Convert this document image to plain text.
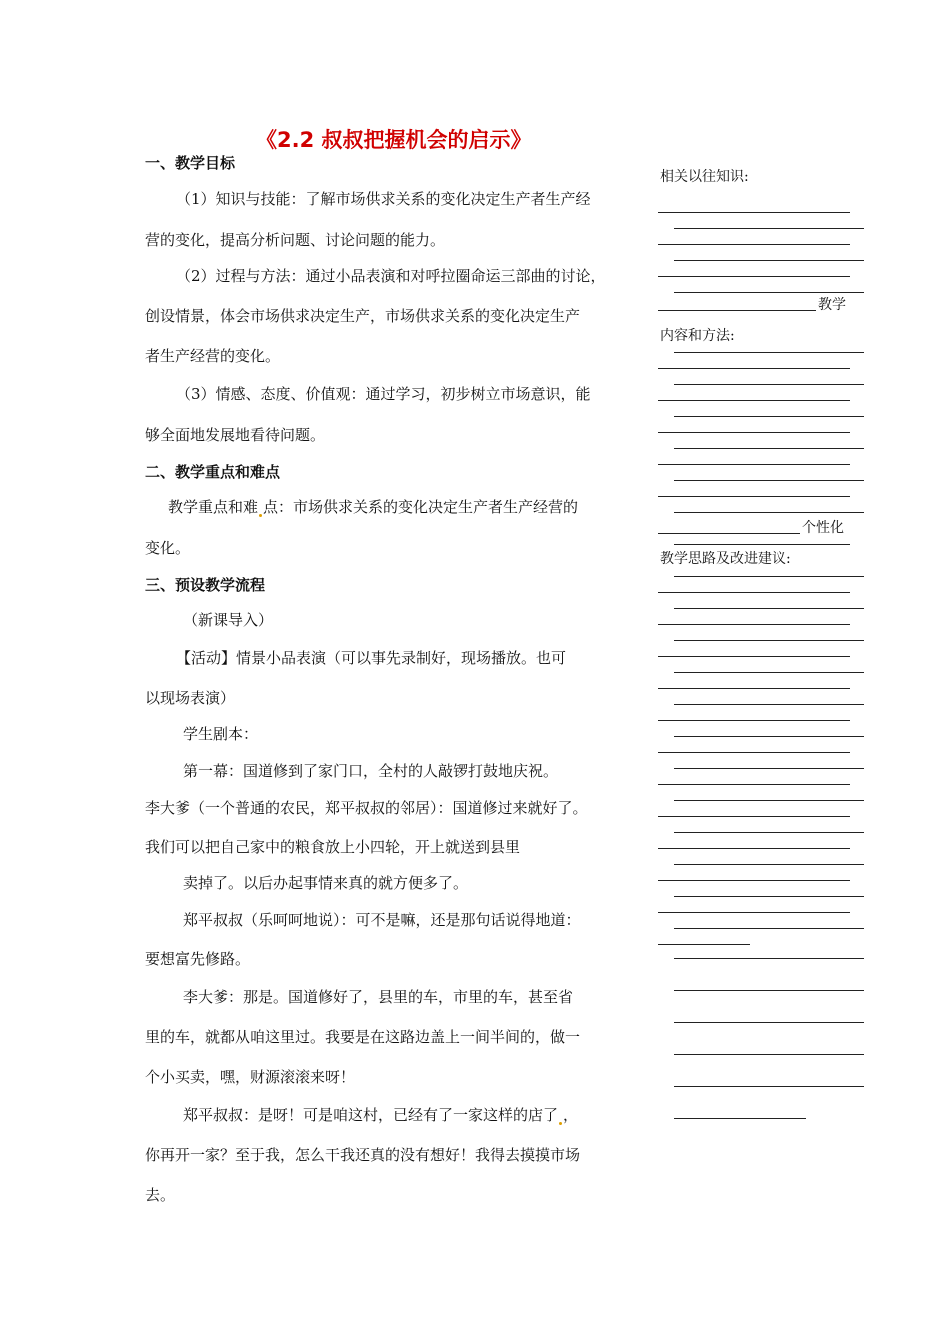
《2.2 叔叔把握机会的启示》
一、教学目标
（1）知识与技能：了解市场供求关系的变化决定生产者生产经
营的变化，提高分析问题、讨论问题的能力。
（2）过程与方法：通过小品表演和对呼拉圈命运三部曲的讨论，
创设情景，体会市场供求决定生产，市场供求关系的变化决定生产
者生产经营的变化。
（3）情感、态度、价值观：通过学习，初步树立市场意识，能
够全面地发展地看待问题。
二、教学重点和难点
教学重点和难 点：市场供求关系的变化决定生产者生产经营的
变化。
三、预设教学流程
（新课导入）
【活动】情景小品表演（可以事先录制好，现场播放。也可
以现场表演）
学生剧本：
第一幕：国道修到了家门口，全村的人敲锣打鼓地庆祝。
李大爹（一个普通的农民，郑平叔叔的邻居）：国道修过来就好了。
我们可以把自己家中的粮食放上小四轮，开上就送到县里
卖掉了。以后办起事情来真的就方便多了。
郑平叔叔（乐呵呵地说）：可不是嘛，还是那句话说得地道：
要想富先修路。
李大爹：那是。国道修好了，县里的车，市里的车，甚至省
里的车，就都从咱这里过。我要是在这路边盖上一间半间的，做一
个小买卖，嘿，财源滚滚来呀！
郑平叔叔：是呀！可是咱这村，已经有了一家这样的店了 ，
你再开一家？至于我，怎么干我还真的没有想好！我得去摸摸市场
去。
相关以往知识:
教学
内容和方法:
个性化
教学思路及改进建议:
